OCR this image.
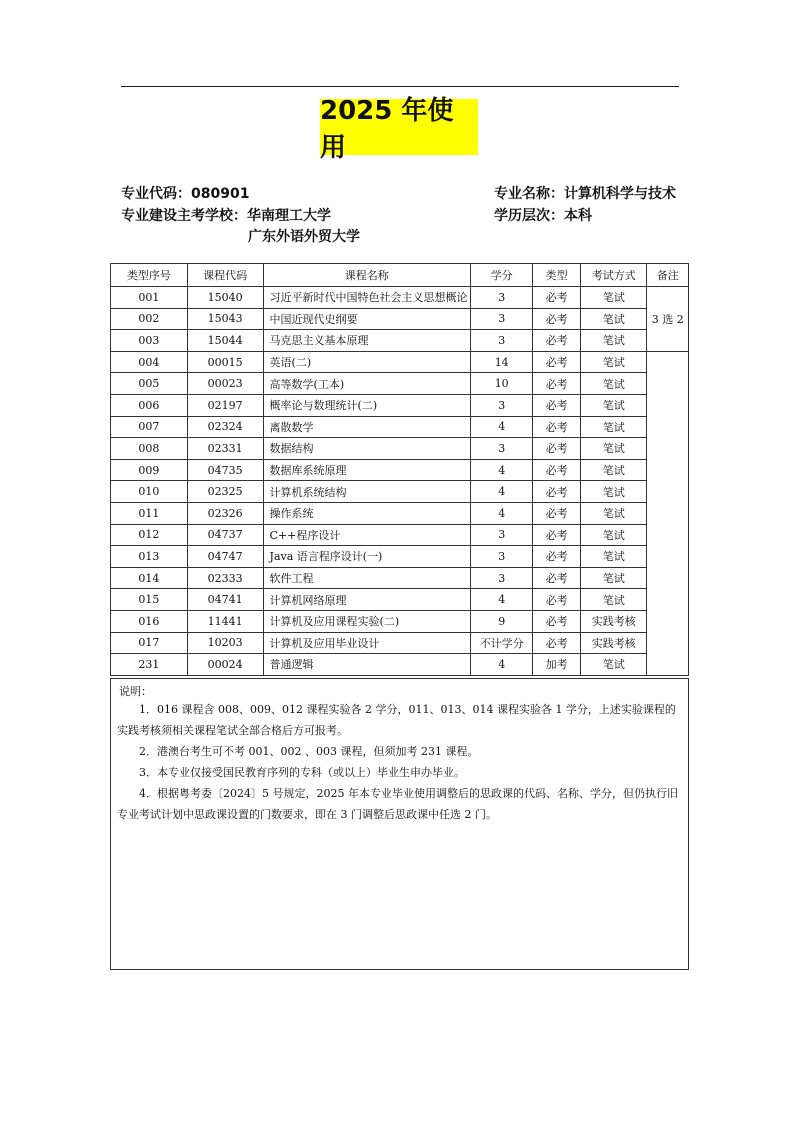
2025 年使用
专业代码：080901
专业建设主考学校：华南理工大学
广东外语外贸大学
专业名称：计算机科学与技术
学历层次：本科
类型序号	课程代码	课程名称	学分	类型	考试方式	备注
001	15040	习近平新时代中国特色社会主义思想概论	3	必考	笔试	3 选 2
002	15043	中国近现代史纲要	3	必考	笔试	
003	15044	马克思主义基本原理	3	必考	笔试	
004	00015	英语(二)	14	必考	笔试	
005	00023	高等数学(工本)	10	必考	笔试	
006	02197	概率论与数理统计(二)	3	必考	笔试	
007	02324	离散数学	4	必考	笔试	
008	02331	数据结构	3	必考	笔试	
009	04735	数据库系统原理	4	必考	笔试	
010	02325	计算机系统结构	4	必考	笔试	
011	02326	操作系统	4	必考	笔试	
012	04737	C++程序设计	3	必考	笔试	
013	04747	Java 语言程序设计(一)	3	必考	笔试	
014	02333	软件工程	3	必考	笔试	
015	04741	计算机网络原理	4	必考	笔试	
016	11441	计算机及应用课程实验(二)	9	必考	实践考核	
017	10203	计算机及应用毕业设计	不计学分	必考	实践考核	
231	00024	普通逻辑	4	加考	笔试	
说明：
1．016 课程含 008、009、012 课程实验各 2 学分，011、013、014 课程实验各 1 学分，上述实验课程的实践考核须相关课程笔试全部合格后方可报考。
2．港澳台考生可不考 001、002 、003 课程，但须加考 231 课程。
3．本专业仅接受国民教育序列的专科（或以上）毕业生申办毕业。
4．根据粤考委〔2024〕5 号规定，2025 年本专业毕业使用调整后的思政课的代码、名称、学分，但仍执行旧专业考试计划中思政课设置的门数要求，即在 3 门调整后思政课中任选 2 门。
